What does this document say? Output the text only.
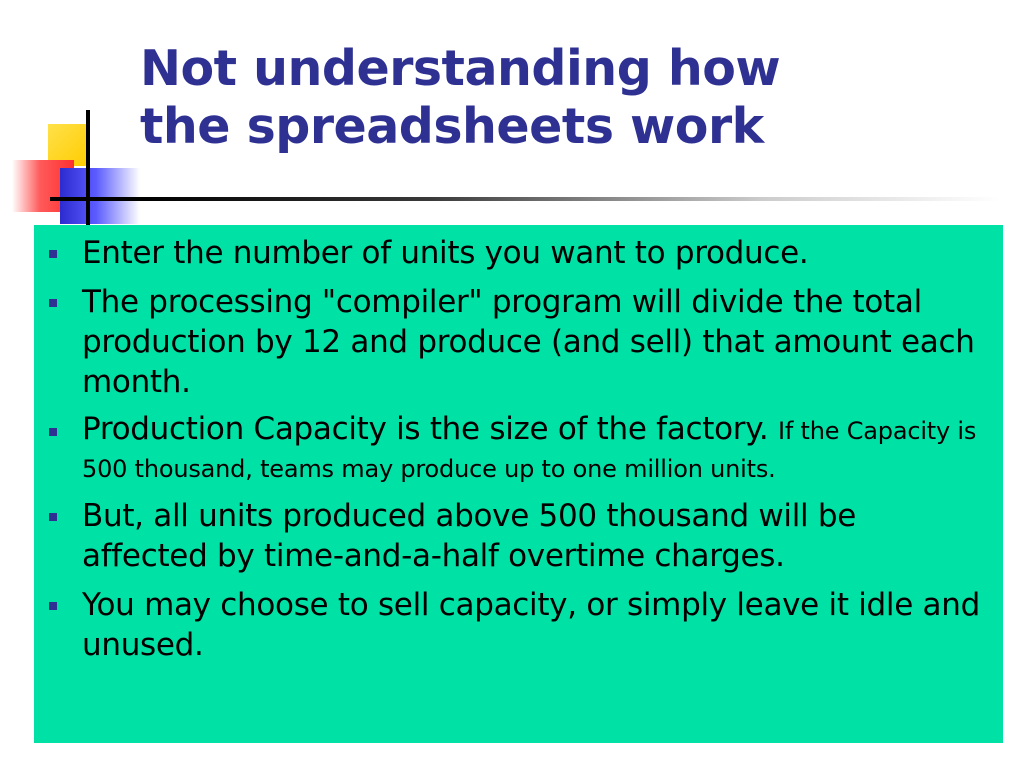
Not understanding how
the spreadsheets work
Enter the number of units you want to produce.
The processing "compiler" program will divide the total production by 12 and produce (and sell) that amount each month.
Production Capacity is the size of the factory. If the Capacity is 500 thousand, teams may produce up to one million units.
But, all units produced above 500 thousand will be affected by time-and-a-half overtime charges.
You may choose to sell capacity, or simply leave it idle and unused.
